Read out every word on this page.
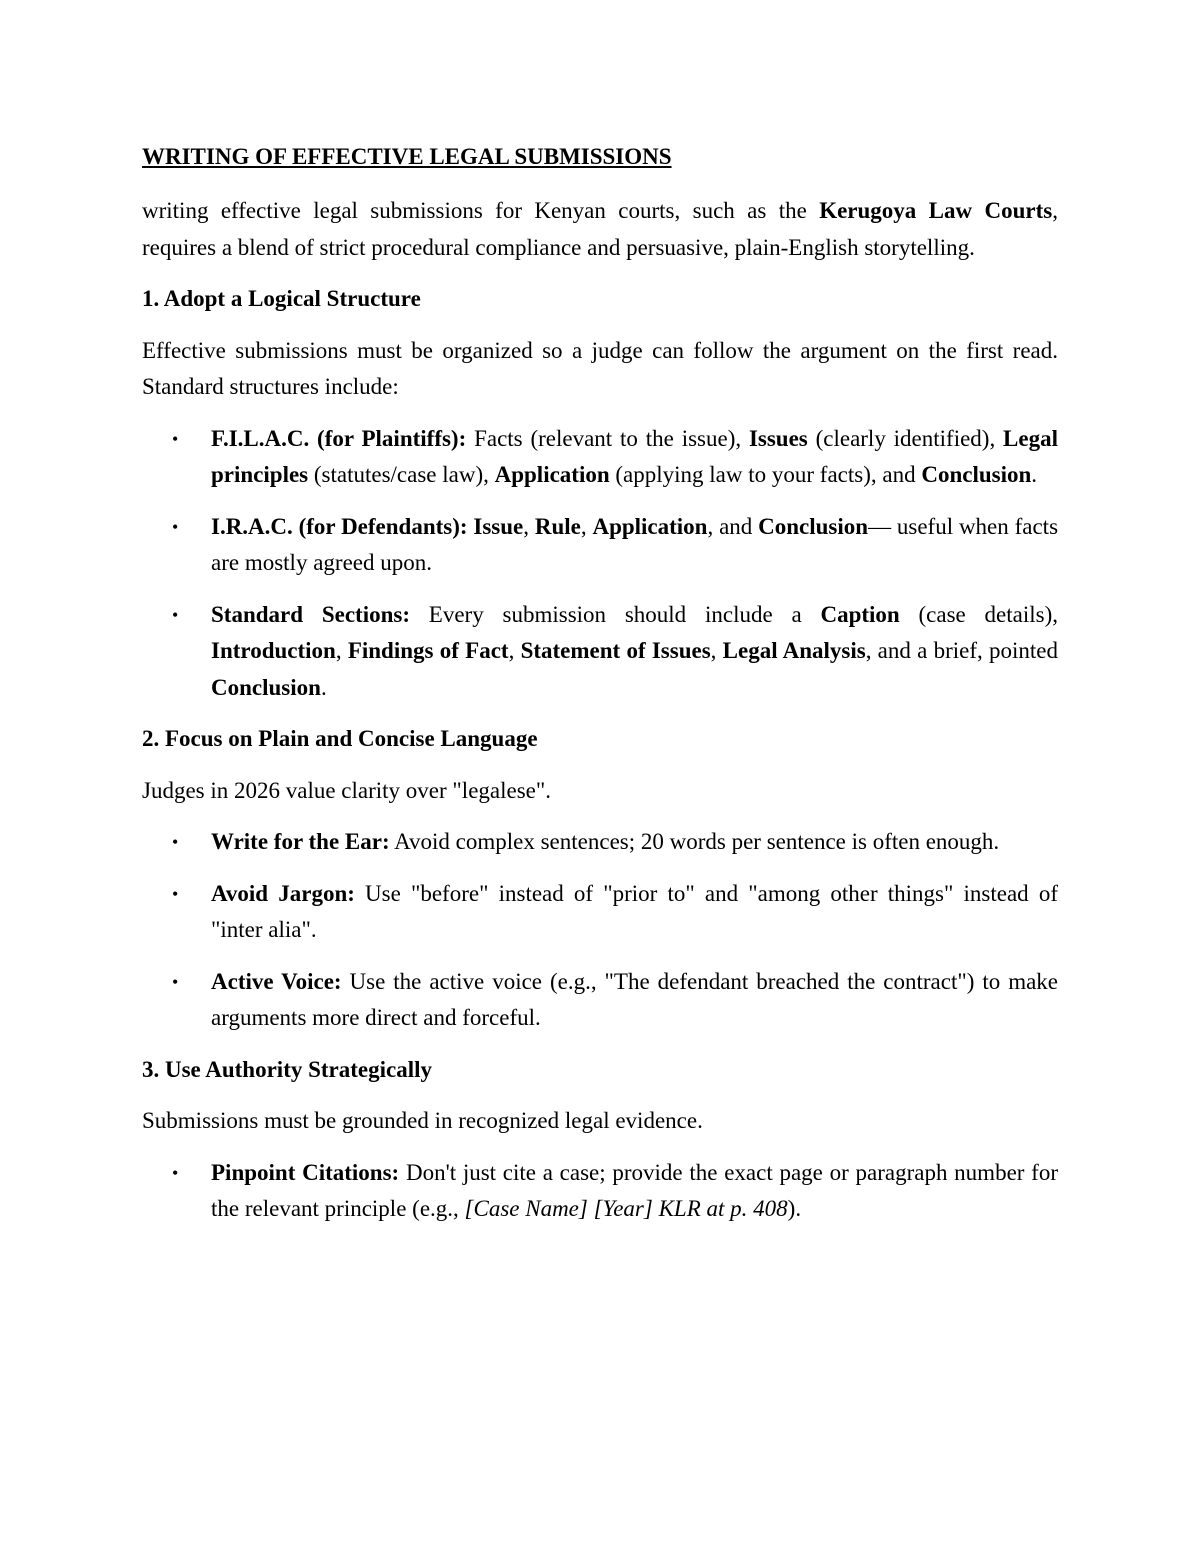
WRITING OF EFFECTIVE LEGAL SUBMISSIONS

writing effective legal submissions for Kenyan courts, such as the Kerugoya Law Courts, requires a blend of strict procedural compliance and persuasive, plain-English storytelling.

1. Adopt a Logical Structure

Effective submissions must be organized so a judge can follow the argument on the first read. Standard structures include:

• F.I.L.A.C. (for Plaintiffs): Facts (relevant to the issue), Issues (clearly identified), Legal principles (statutes/case law), Application (applying law to your facts), and Conclusion.
• I.R.A.C. (for Defendants): Issue, Rule, Application, and Conclusion— useful when facts are mostly agreed upon.
• Standard Sections: Every submission should include a Caption (case details), Introduction, Findings of Fact, Statement of Issues, Legal Analysis, and a brief, pointed Conclusion.
2. Focus on Plain and Concise Language

Judges in 2026 value clarity over "legalese".

• Write for the Ear: Avoid complex sentences; 20 words per sentence is often enough.
• Avoid Jargon: Use "before" instead of "prior to" and "among other things" instead of "inter alia".
• Active Voice: Use the active voice (e.g., "The defendant breached the contract") to make arguments more direct and forceful.
3. Use Authority Strategically

Submissions must be grounded in recognized legal evidence.

• Pinpoint Citations: Don't just cite a case; provide the exact page or paragraph number for the relevant principle (e.g., [Case Name] [Year] KLR at p. 408).
